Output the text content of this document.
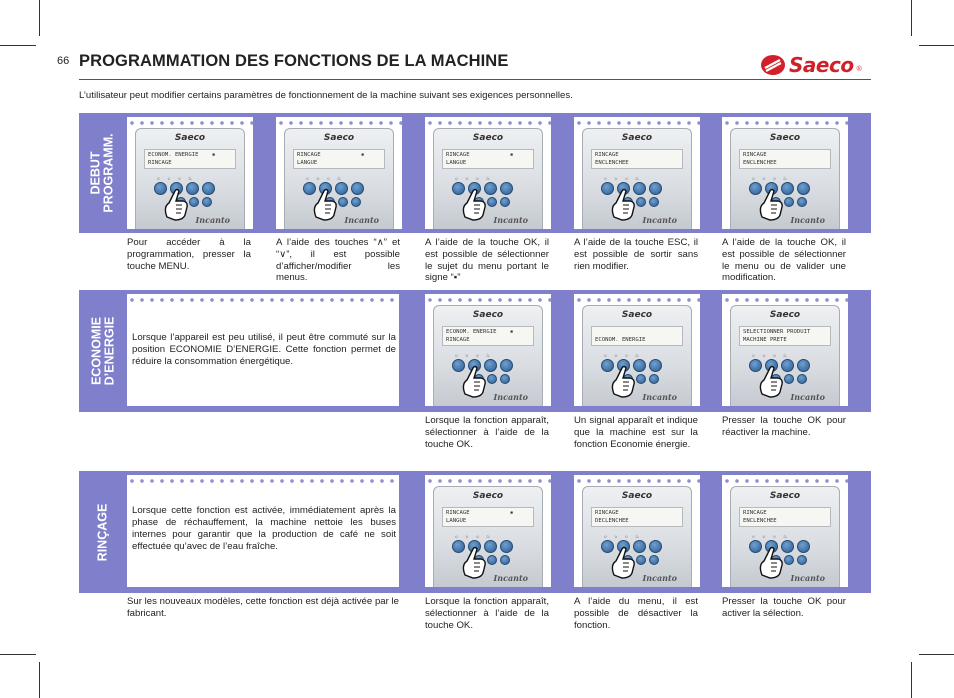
66 PROGRAMMATION DES FONCTIONS DE LA MACHINE	Saeco ®
L’utilisateur peut modifier certains paramètres de fonctionnement de la machine suivant ses exigences personnelles.
DEBUT
PROGRAMM.
ECONOMIE
D’ENERGIE Lorsque l’appareil est peu utilisé, il peut être commuté sur la position ECONOMIE D’ENERGIE. Cette fonction permet de réduire la consommation énergétique.

RINÇAGE Lorsque cette fonction est activée, immédiatement après la phase de réchauffement, la machine nettoie les buses internes pour garantir que la production de café ne soit effectuée qu’avec de l’eau fraîche.

Sur les nouveaux modèles, cette fonction est déjà activée par le fabricant.
Saeco
ECONOM. ENERGIE    ▪
RINCAGE
☼☼☼♨
Incanto
Pour accéder à la programmation, presser la touche MENU.
Saeco
RINCAGE            ▪
LANGUE
☼☼☼♨
Incanto
A l’aide des touches “∧” et “∨”, il est possible d’afficher/modifier les menus.
Saeco
RINCAGE            ▪
LANGUE
☼☼☼♨
Incanto
A l’aide de la touche OK, il est possible de sélectionner le sujet du menu portant le signe “▪”
Saeco
RINCAGE
ENCLENCHEE
☼☼☼♨
Incanto
A l’aide de la touche ESC, il est possible de sortir sans rien modifier.
Saeco
RINCAGE
ENCLENCHEE
☼☼☼♨
Incanto
A l’aide de la touche OK, il est possible de sélectionner le menu ou de valider une modification.
Saeco
ECONOM. ENERGIE    ▪
RINCAGE
☼☼☼♨
Incanto
Lorsque la fonction apparaît, sélectionner à l’aide de la touche OK.
Saeco

ECONOM. ENERGIE
☼☼☼♨
Incanto
Un signal apparaît et indique que la machine est sur la fonction Economie énergie.
Saeco
SELECTIONNER PRODUIT
MACHINE PRETE
☼☼☼♨
Incanto
Presser la touche OK pour réactiver la machine.
Saeco
RINCAGE            ▪
LANGUE
☼☼☼♨
Incanto
Lorsque la fonction apparaît, sélectionner à l’aide de la touche OK.
Saeco
RINCAGE
DECLENCHEE
☼☼☼♨
Incanto
A l’aide du menu, il est possible de désactiver la fonction.
Saeco
RINCAGE
ENCLENCHEE
☼☼☼♨
Incanto
Presser la touche OK pour activer la sélection.
